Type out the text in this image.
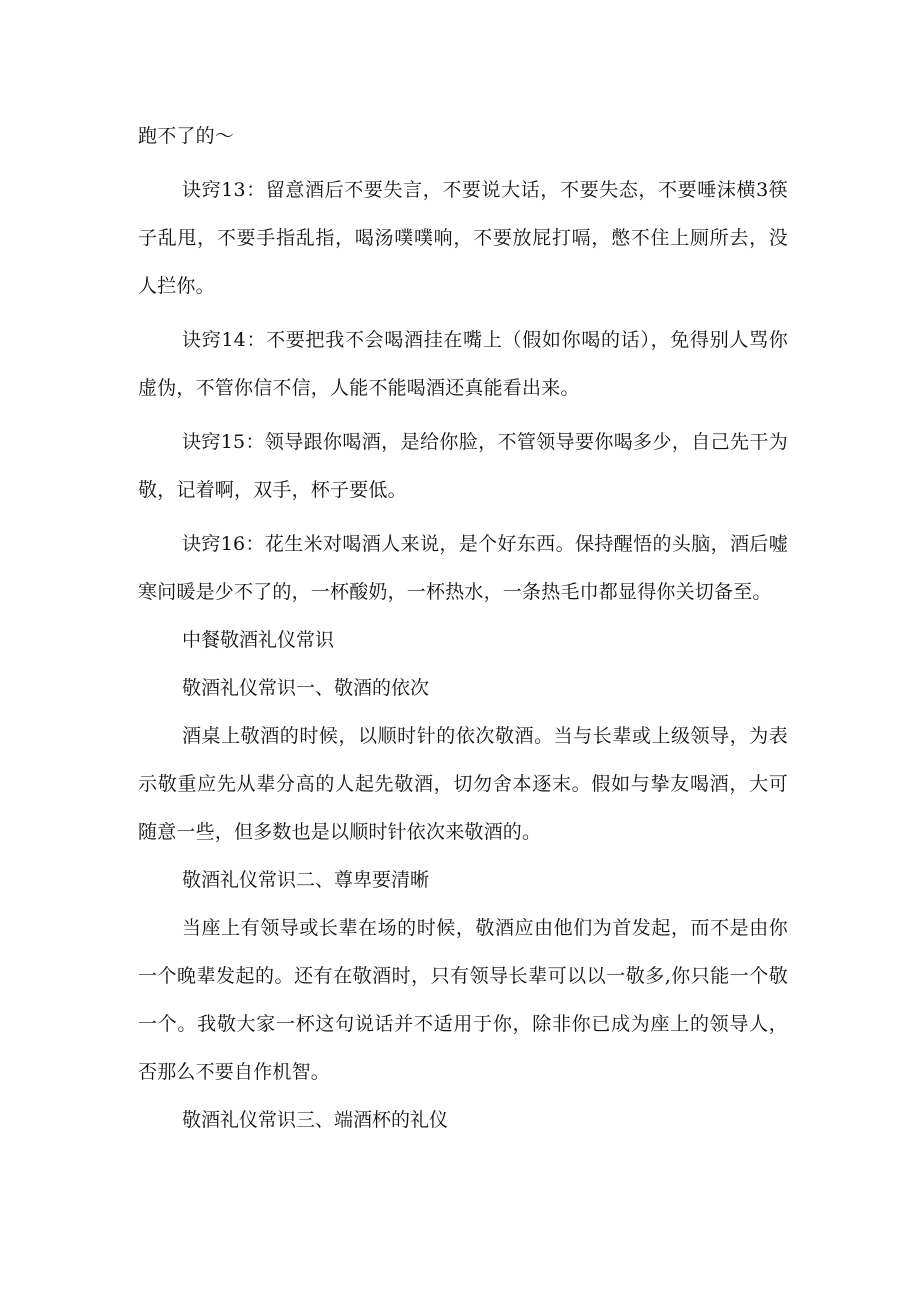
跑不了的～

诀窍13：留意酒后不要失言，不要说大话，不要失态，不要唾沫横3筷子乱甩，不要手指乱指，喝汤噗噗响，不要放屁打嗝，憋不住上厕所去，没人拦你。

诀窍14：不要把我不会喝酒挂在嘴上（假如你喝的话），免得别人骂你虚伪，不管你信不信，人能不能喝酒还真能看出来。

诀窍15：领导跟你喝酒，是给你脸，不管领导要你喝多少，自己先干为敬，记着啊，双手，杯子要低。

诀窍16：花生米对喝酒人来说，是个好东西。保持醒悟的头脑，酒后嘘寒问暖是少不了的，一杯酸奶，一杯热水，一条热毛巾都显得你关切备至。

中餐敬酒礼仪常识

敬酒礼仪常识一、敬酒的依次

酒桌上敬酒的时候，以顺时针的依次敬酒。当与长辈或上级领导，为表示敬重应先从辈分高的人起先敬酒，切勿舍本逐末。假如与挚友喝酒，大可随意一些，但多数也是以顺时针依次来敬酒的。

敬酒礼仪常识二、尊卑要清晰

当座上有领导或长辈在场的时候，敬酒应由他们为首发起，而不是由你一个晚辈发起的。还有在敬酒时，只有领导长辈可以以一敬多,你只能一个敬一个。我敬大家一杯这句说话并不适用于你，除非你已成为座上的领导人，否那么不要自作机智。

敬酒礼仪常识三、端酒杯的礼仪
